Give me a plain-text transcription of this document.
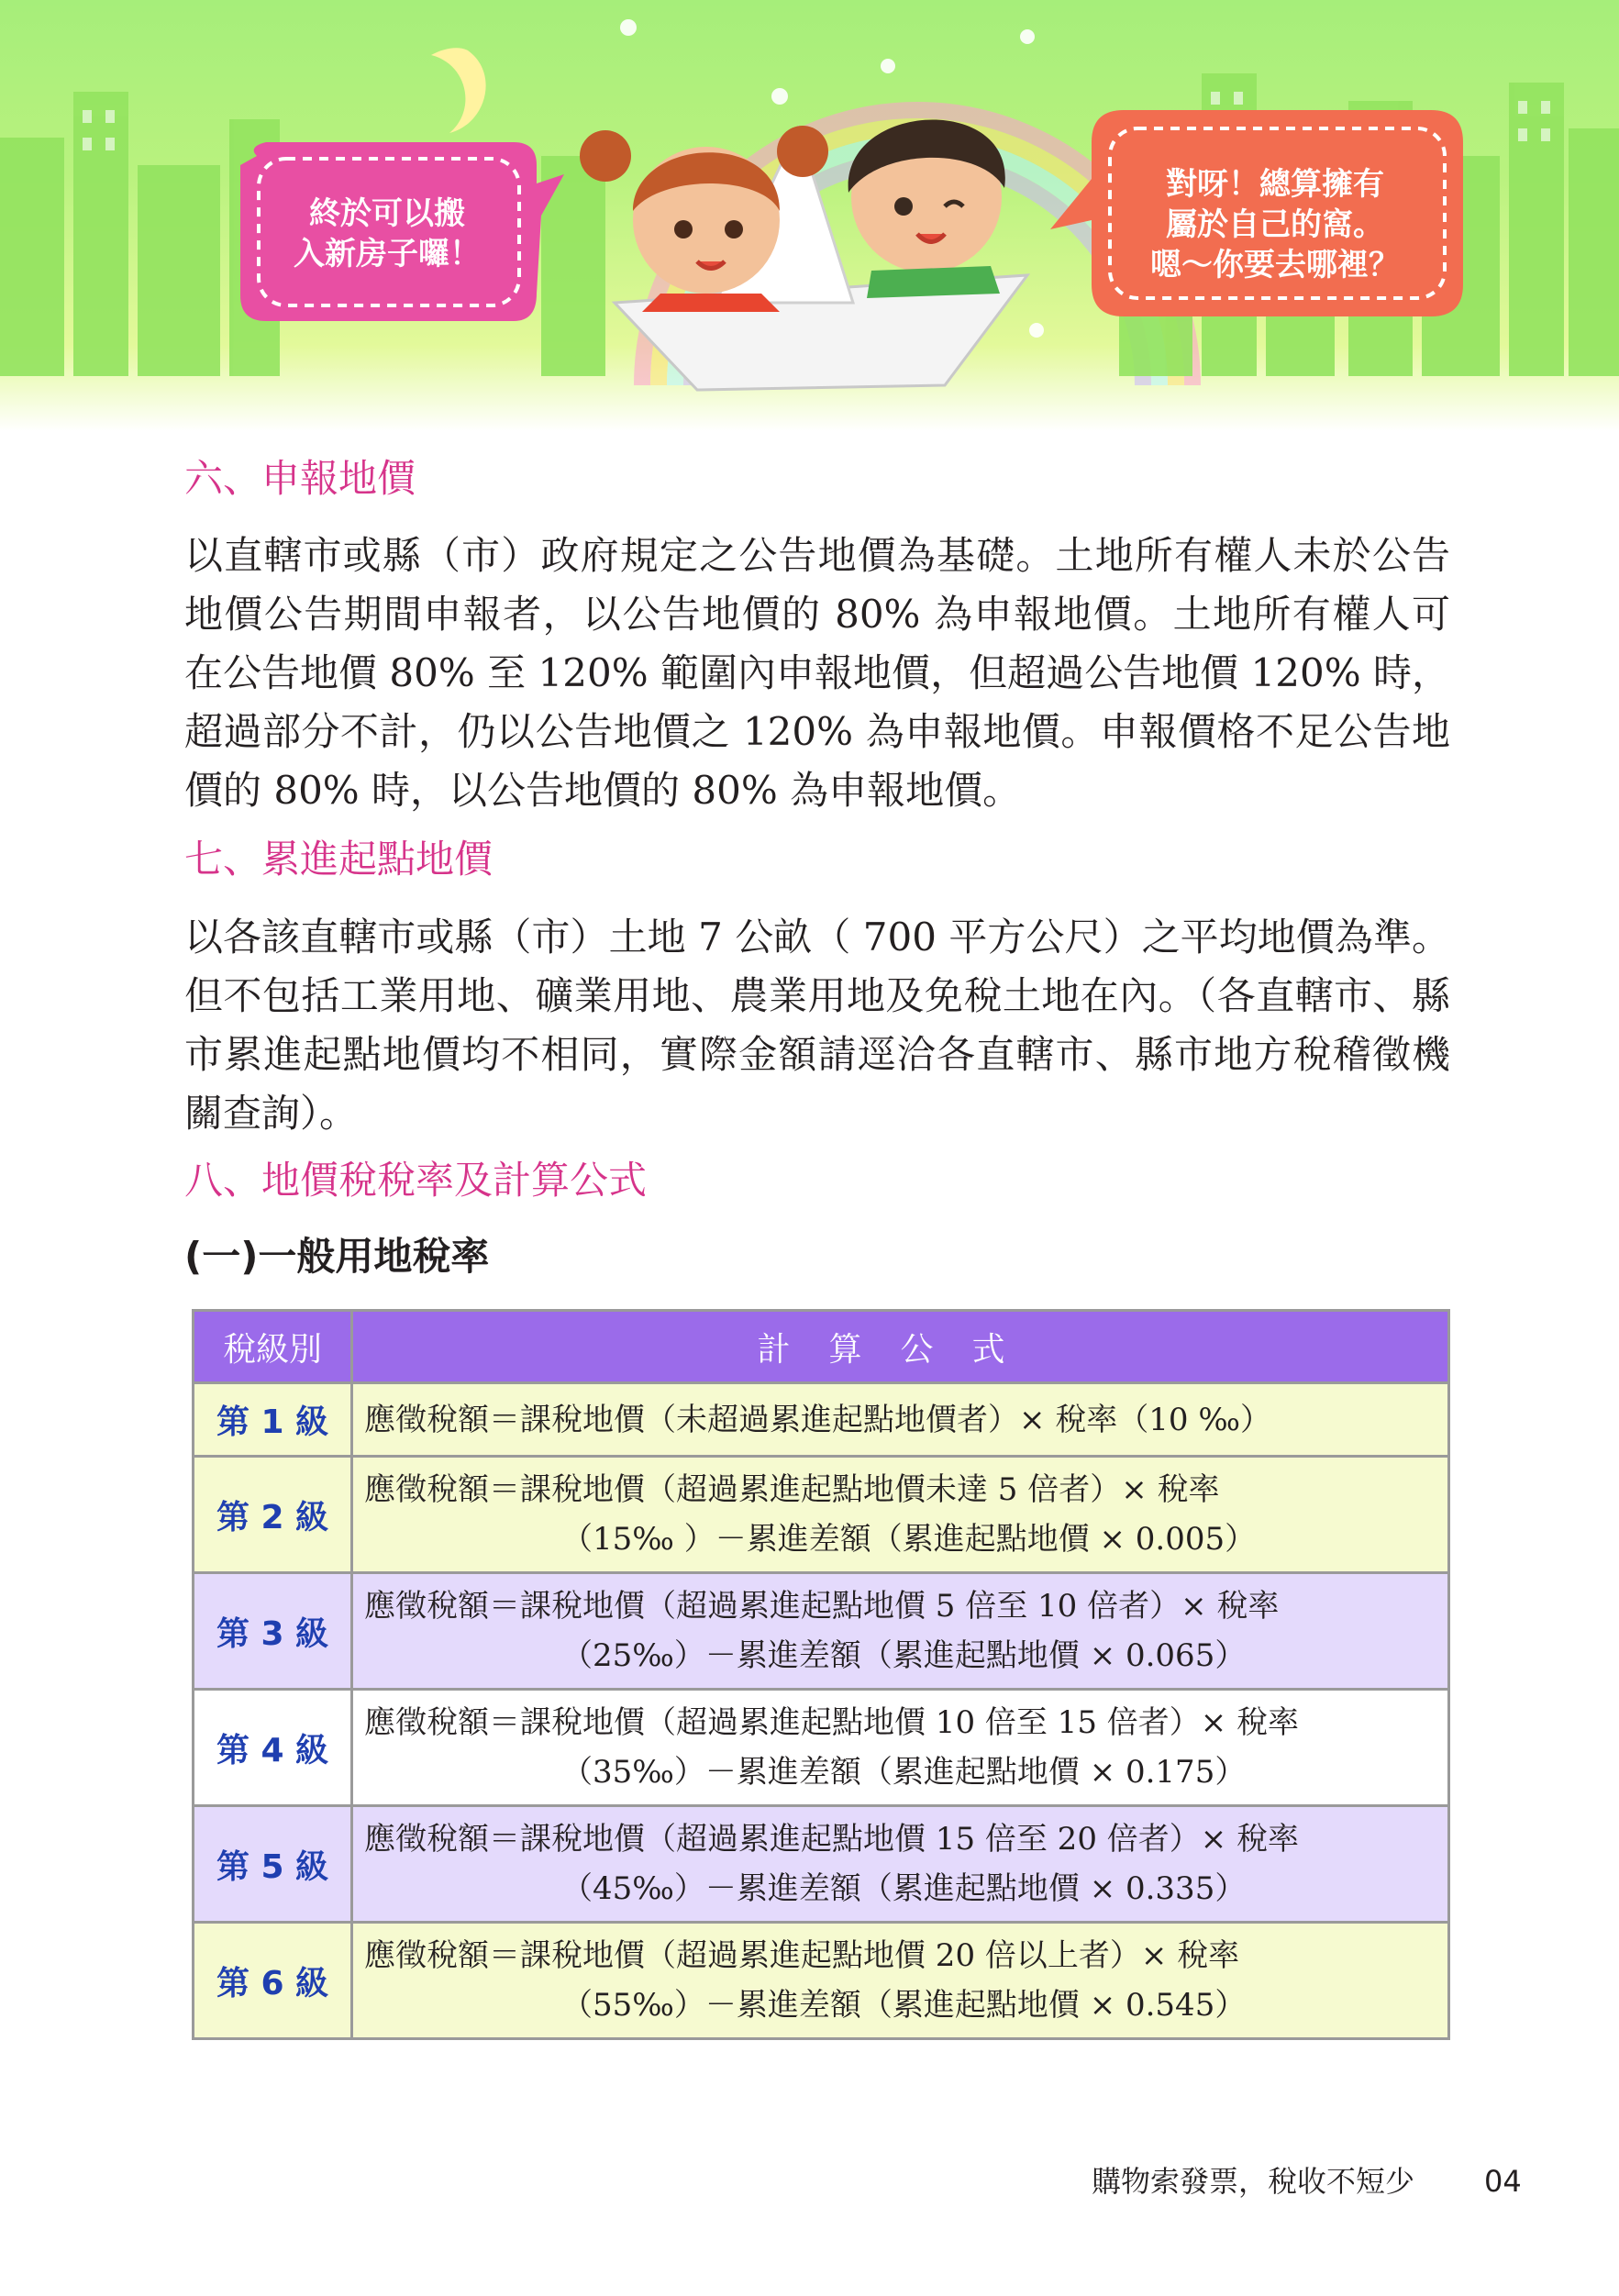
終於可以搬
入新房子囉！
對呀！總算擁有
屬於自己的窩。
嗯～你要去哪裡？
六、申報地價

以直轄市或縣（市）政府規定之公告地價為基礎。土地所有權人未於公告地價公告期間申報者，以公告地價的 80% 為申報地價。土地所有權人可在公告地價 80% 至 120% 範圍內申報地價，但超過公告地價 120% 時，超過部分不計，仍以公告地價之 120% 為申報地價。申報價格不足公告地價的 80% 時，以公告地價的 80% 為申報地價。

七、累進起點地價

以各該直轄市或縣（市）土地 7 公畝（ 700 平方公尺）之平均地價為準。但不包括工業用地、礦業用地、農業用地及免稅土地在內。（各直轄市、縣市累進起點地價均不相同，實際金額請逕洽各直轄市、縣市地方稅稽徵機關查詢）。

八、地價稅稅率及計算公式
(一)一般用地稅率
稅級別	計算公式
第 1 級	應徵稅額＝課稅地價（未超過累進起點地價者）× 稅率（10 ‰）
第 2 級	應徵稅額＝課稅地價（超過累進起點地價未達 5 倍者）× 稅率
（15‰ ）－累進差額（累進起點地價 × 0.005）

第 3 級	應徵稅額＝課稅地價（超過累進起點地價 5 倍至 10 倍者）× 稅率
（25‰）－累進差額（累進起點地價 × 0.065）

第 4 級	應徵稅額＝課稅地價（超過累進起點地價 10 倍至 15 倍者）× 稅率
（35‰）－累進差額（累進起點地價 × 0.175）

第 5 級	應徵稅額＝課稅地價（超過累進起點地價 15 倍至 20 倍者）× 稅率
（45‰）－累進差額（累進起點地價 × 0.335）

第 6 級	應徵稅額＝課稅地價（超過累進起點地價 20 倍以上者）× 稅率
（55‰）－累進差額（累進起點地價 × 0.545）
購物索發票，稅收不短少 04
